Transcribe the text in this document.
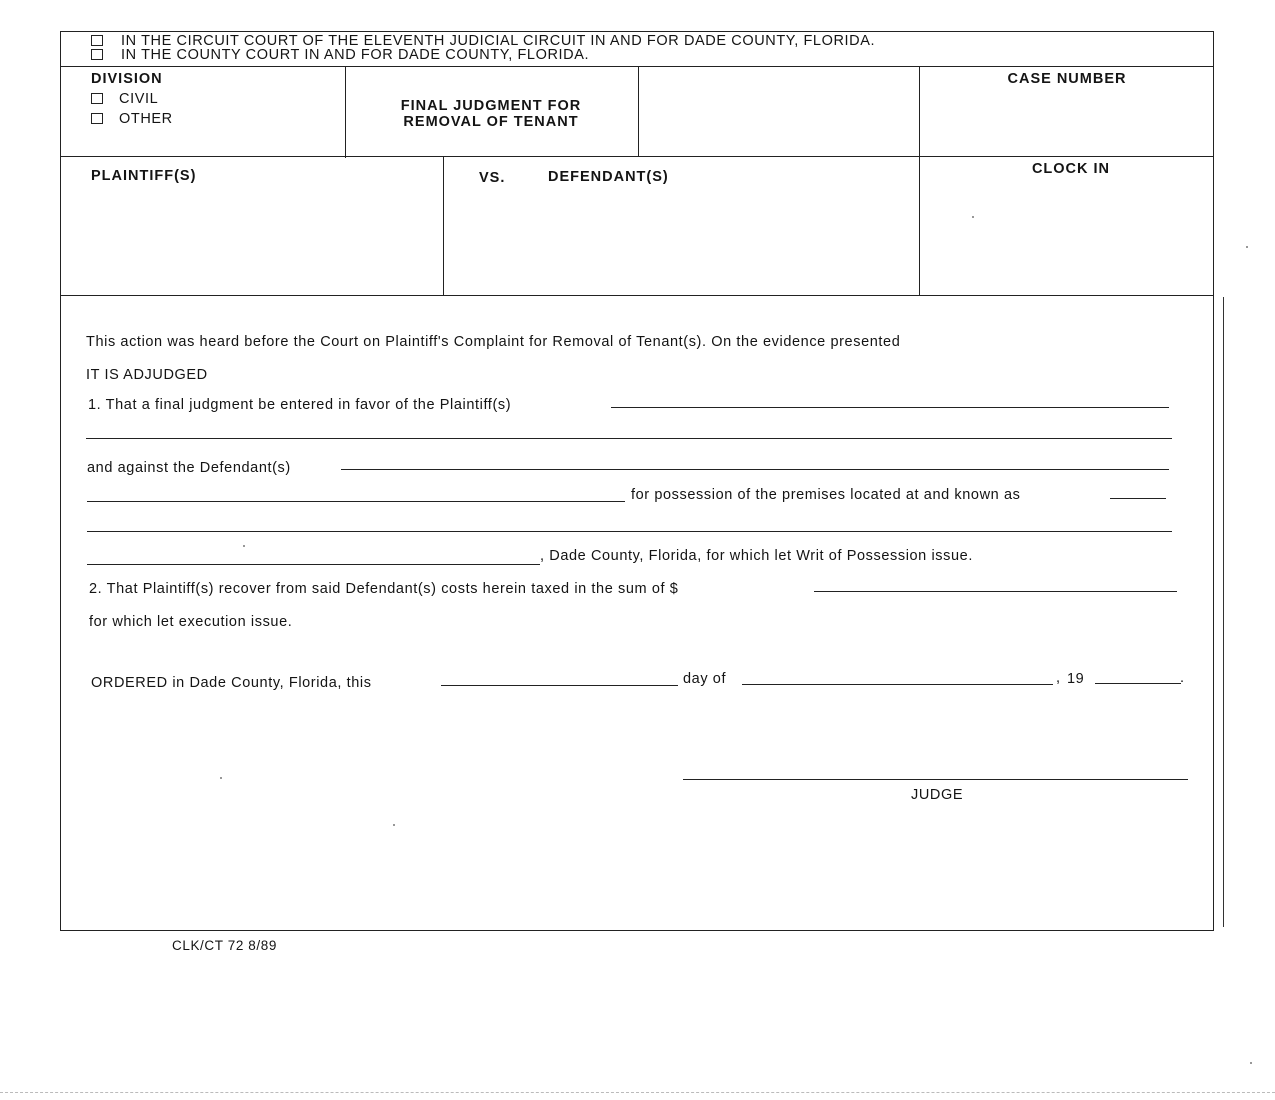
IN THE CIRCUIT COURT OF THE ELEVENTH JUDICIAL CIRCUIT IN AND FOR DADE COUNTY, FLORIDA.
IN THE COUNTY COURT IN AND FOR DADE COUNTY, FLORIDA.
DIVISION
CIVIL
OTHER
FINAL JUDGMENT FOR
REMOVAL OF TENANT
CASE NUMBER
PLAINTIFF(S)	VS.	DEFENDANT(S)	CLOCK IN
This action was heard before the Court on Plaintiff's Complaint for Removal of Tenant(s). On the evidence presented
IT IS ADJUDGED
1. That a final judgment be entered in favor of the Plaintiff(s)
and against the Defendant(s)
for possession of the premises located at and known as
, Dade County, Florida, for which let Writ of Possession issue.
2. That Plaintiff(s) recover from said Defendant(s) costs herein taxed in the sum of $
for which let execution issue.
ORDERED in Dade County, Florida, this	day of	, 19	.
JUDGE
CLK/CT 72 8/89
